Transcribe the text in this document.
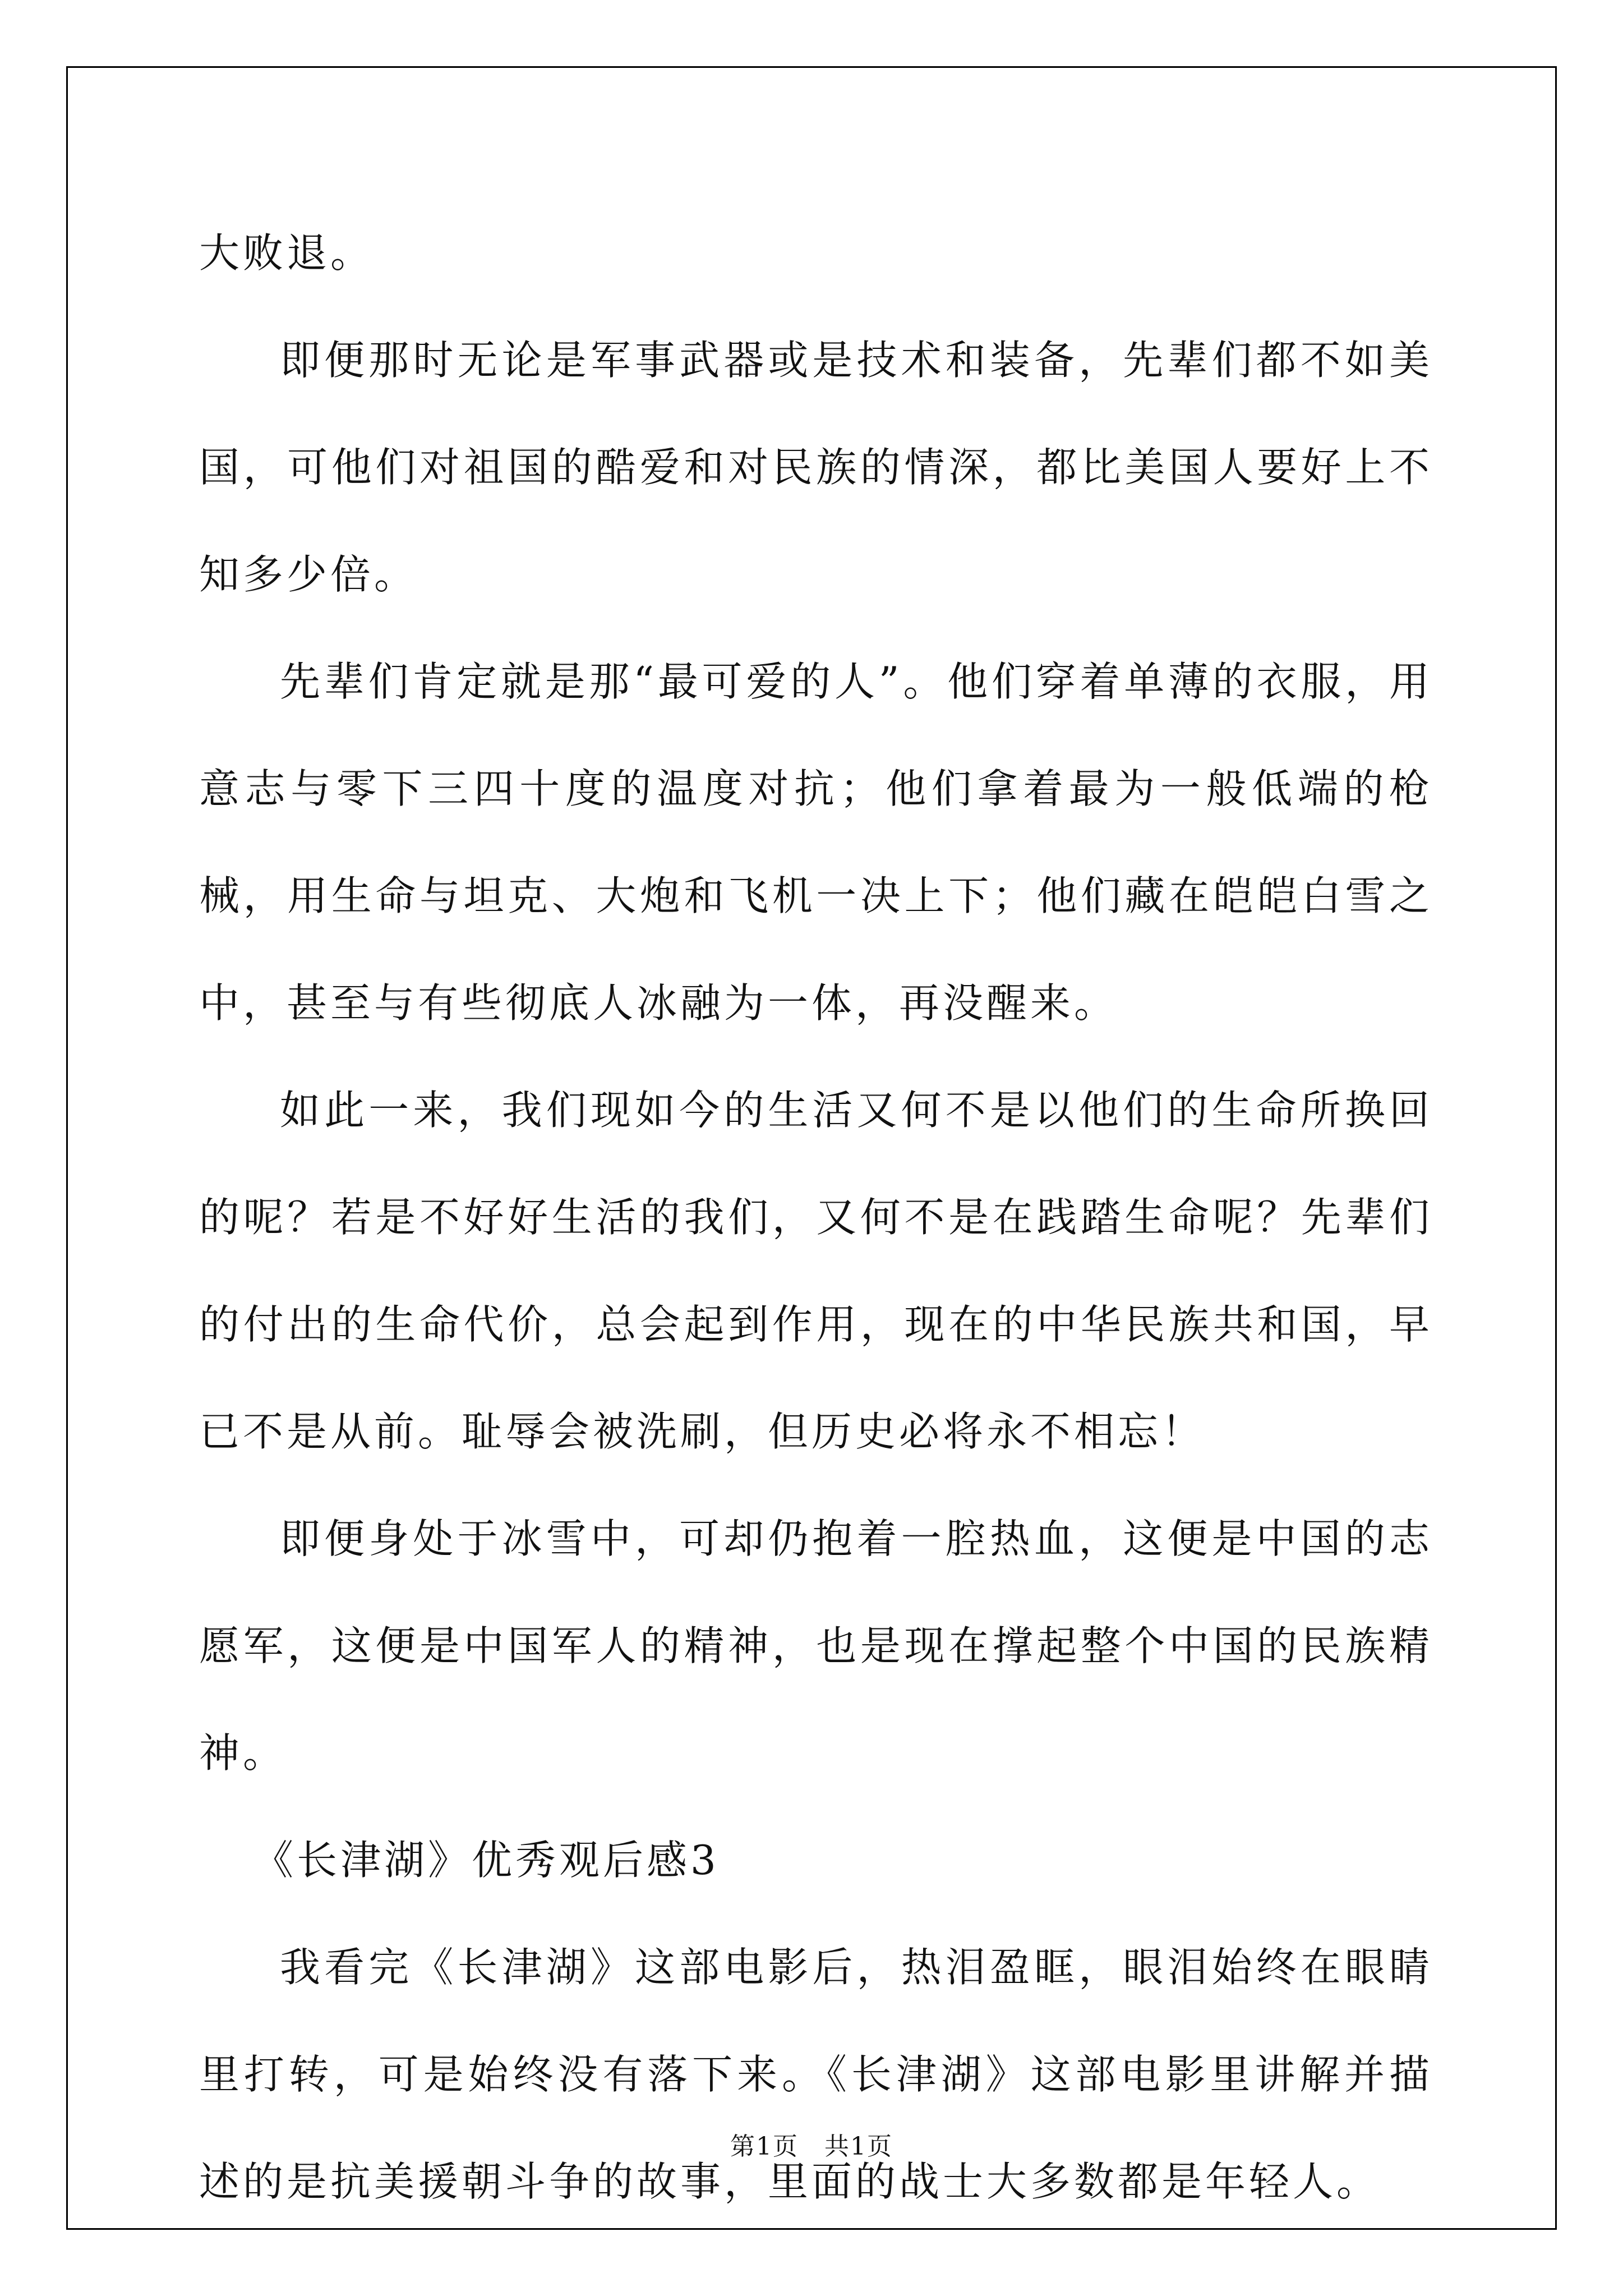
大败退。

即便那时无论是军事武器或是技术和装备，先辈们都不如美国，可他们对祖国的酷爱和对民族的情深，都比美国人要好上不知多少倍。

先辈们肯定就是那“最可爱的人”。他们穿着单薄的衣服，用意志与零下三四十度的温度对抗；他们拿着最为一般低端的枪械，用生命与坦克、大炮和飞机一决上下；他们藏在皑皑白雪之中，甚至与有些彻底人冰融为一体，再没醒来。

如此一来，我们现如今的生活又何不是以他们的生命所换回的呢？若是不好好生活的我们，又何不是在践踏生命呢？先辈们的付出的生命代价，总会起到作用，现在的中华民族共和国，早已不是从前。耻辱会被洗刷，但历史必将永不相忘！

即便身处于冰雪中，可却仍抱着一腔热血，这便是中国的志愿军，这便是中国军人的精神，也是现在撑起整个中国的民族精神。

《长津湖》优秀观后感3

我看完《长津湖》这部电影后，热泪盈眶，眼泪始终在眼睛里打转，可是始终没有落下来。《长津湖》这部电影里讲解并描述的是抗美援朝斗争的故事，里面的战士大多数都是年轻人。

第1页　共1页
